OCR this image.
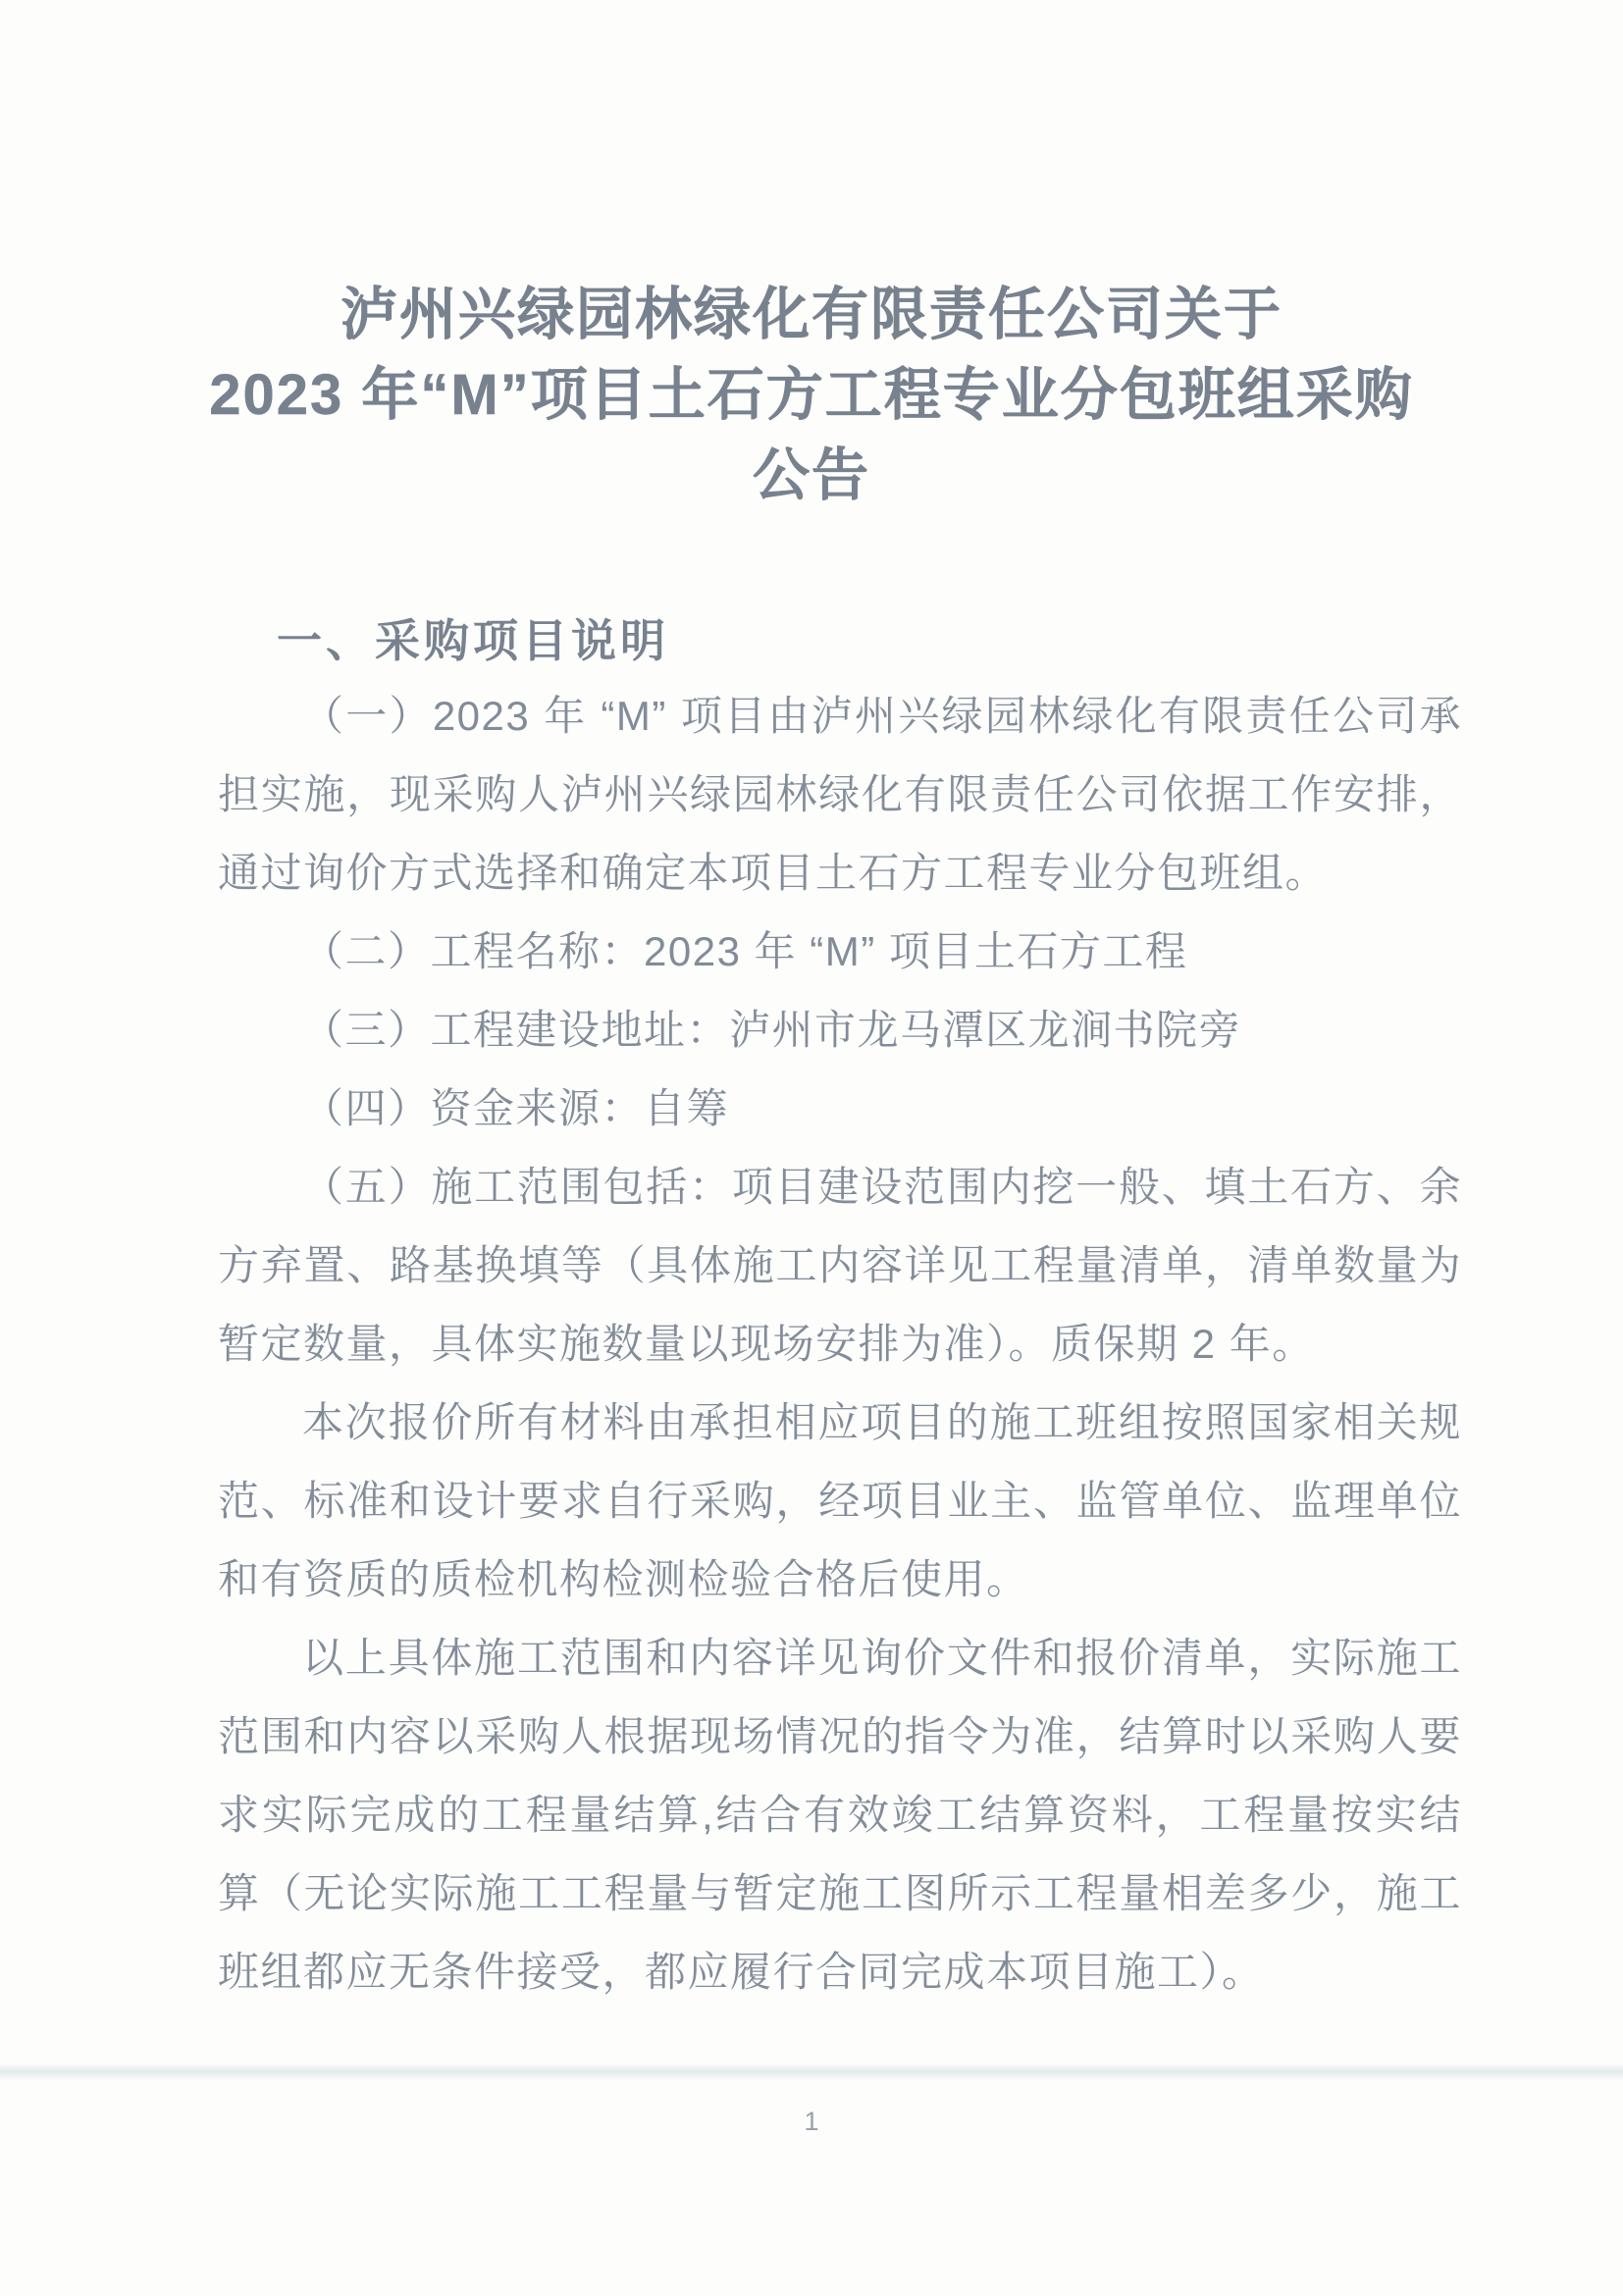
泸州兴绿园林绿化有限责任公司关于
2023 年“M”项目土石方工程专业分包班组采购
公告
一、采购项目说明

（一）2023 年 “M” 项目由泸州兴绿园林绿化有限责任公司承担实施，现采购人泸州兴绿园林绿化有限责任公司依据工作安排，通过询价方式选择和确定本项目土石方工程专业分包班组。

（二）工程名称：2023 年 “M” 项目土石方工程

（三）工程建设地址：泸州市龙马潭区龙涧书院旁

（四）资金来源：自筹

（五）施工范围包括：项目建设范围内挖一般、填土石方、余方弃置、路基换填等（具体施工内容详见工程量清单，清单数量为暂定数量，具体实施数量以现场安排为准）。质保期 2 年。

本次报价所有材料由承担相应项目的施工班组按照国家相关规范、标准和设计要求自行采购，经项目业主、监管单位、监理单位和有资质的质检机构检测检验合格后使用。

以上具体施工范围和内容详见询价文件和报价清单，实际施工范围和内容以采购人根据现场情况的指令为准，结算时以采购人要求实际完成的工程量结算,结合有效竣工结算资料，工程量按实结算（无论实际施工工程量与暂定施工图所示工程量相差多少，施工班组都应无条件接受，都应履行合同完成本项目施工）。

1
